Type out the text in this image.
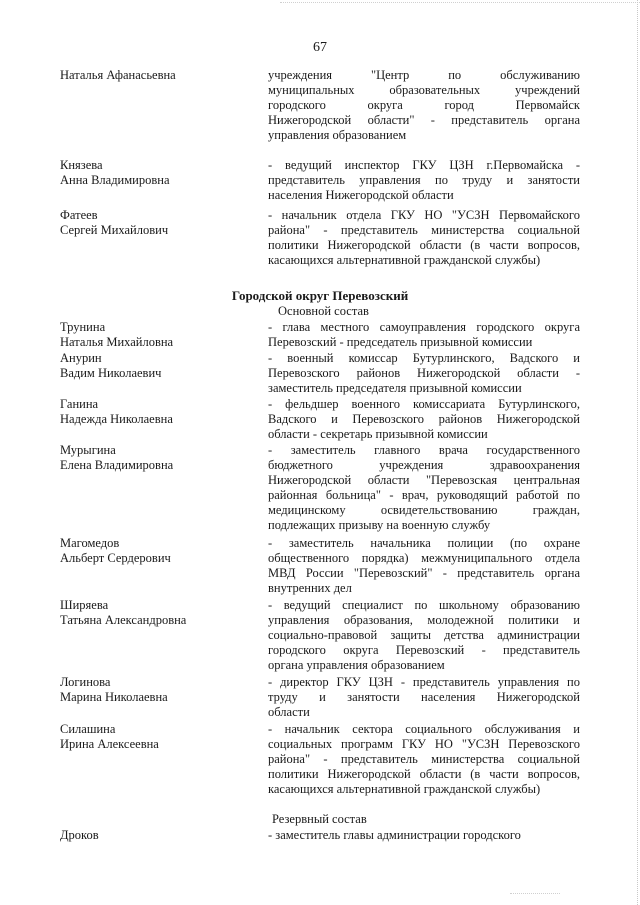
67
Наталья Афанасьевна	учреждения "Центр по обслуживанию
муниципальных образовательных учреждений
городского округа город Первомайск
Нижегородской области" - представитель органа
управления образованием
Князева
Анна Владимировна
- ведущий инспектор ГКУ ЦЗН г.Первомайска -
представитель управления по труду и занятости
населения Нижегородской области
Фатеев
Сергей Михайлович
- начальник отдела ГКУ НО "УСЗН Первомайского
района" - представитель министерства социальной
политики Нижегородской области (в части вопросов,
касающихся альтернативной гражданской службы)
Городской округ Перевозский
Основной состав
Трунина
Наталья Михайловна
- глава местного самоуправления городского округа
Перевозский - председатель призывной комиссии
Анурин
Вадим Николаевич
- военный комиссар Бутурлинского, Вадского и
Перевозского районов Нижегородской области -
заместитель председателя призывной комиссии
Ганина
Надежда Николаевна
- фельдшер военного комиссариата Бутурлинского,
Вадского и Перевозского районов Нижегородской
области - секретарь призывной комиссии
Мурыгина
Елена Владимировна
- заместитель главного врача государственного
бюджетного учреждения здравоохранения
Нижегородской области "Перевозская центральная
районная больница" - врач, руководящий работой по
медицинскому освидетельствованию граждан,
подлежащих призыву на военную службу
Магомедов
Альберт Сердерович
- заместитель начальника полиции (по охране
общественного порядка) межмуниципального отдела
МВД России "Перевозский" - представитель органа
внутренних дел
Ширяева
Татьяна Александровна
- ведущий специалист по школьному образованию
управления образования, молодежной политики и
социально-правовой защиты детства администрации
городского округа Перевозский - представитель
органа управления образованием
Логинова
Марина Николаевна
- директор ГКУ ЦЗН - представитель управления по
труду и занятости населения Нижегородской
области
Силашина
Ирина Алексеевна
- начальник сектора социального обслуживания и
социальных программ ГКУ НО "УСЗН Перевозского
района" - представитель министерства социальной
политики Нижегородской области (в части вопросов,
касающихся альтернативной гражданской службы)
Резервный состав
Дроков	- заместитель главы администрации городского
